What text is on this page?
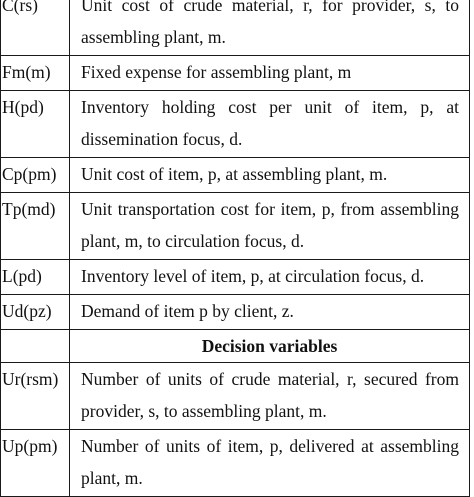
C(rs)	Unit cost of crude material, r, for provider, s, to assembling plant, m.
Fm(m)	Fixed expense for assembling plant, m
H(pd)	Inventory holding cost per unit of item, p, at dissemination focus, d.
Cp(pm)	Unit cost of item, p, at assembling plant, m.
Tp(md)	Unit transportation cost for item, p, from assembling plant, m, to circulation focus, d.
L(pd)	Inventory level of item, p, at circulation focus, d.
Ud(pz)	Demand of item p by client, z.
	Decision variables
Ur(rsm)	Number of units of crude material, r, secured from provider, s, to assembling plant, m.
Up(pm)	Number of units of item, p, delivered at assembling plant, m.
